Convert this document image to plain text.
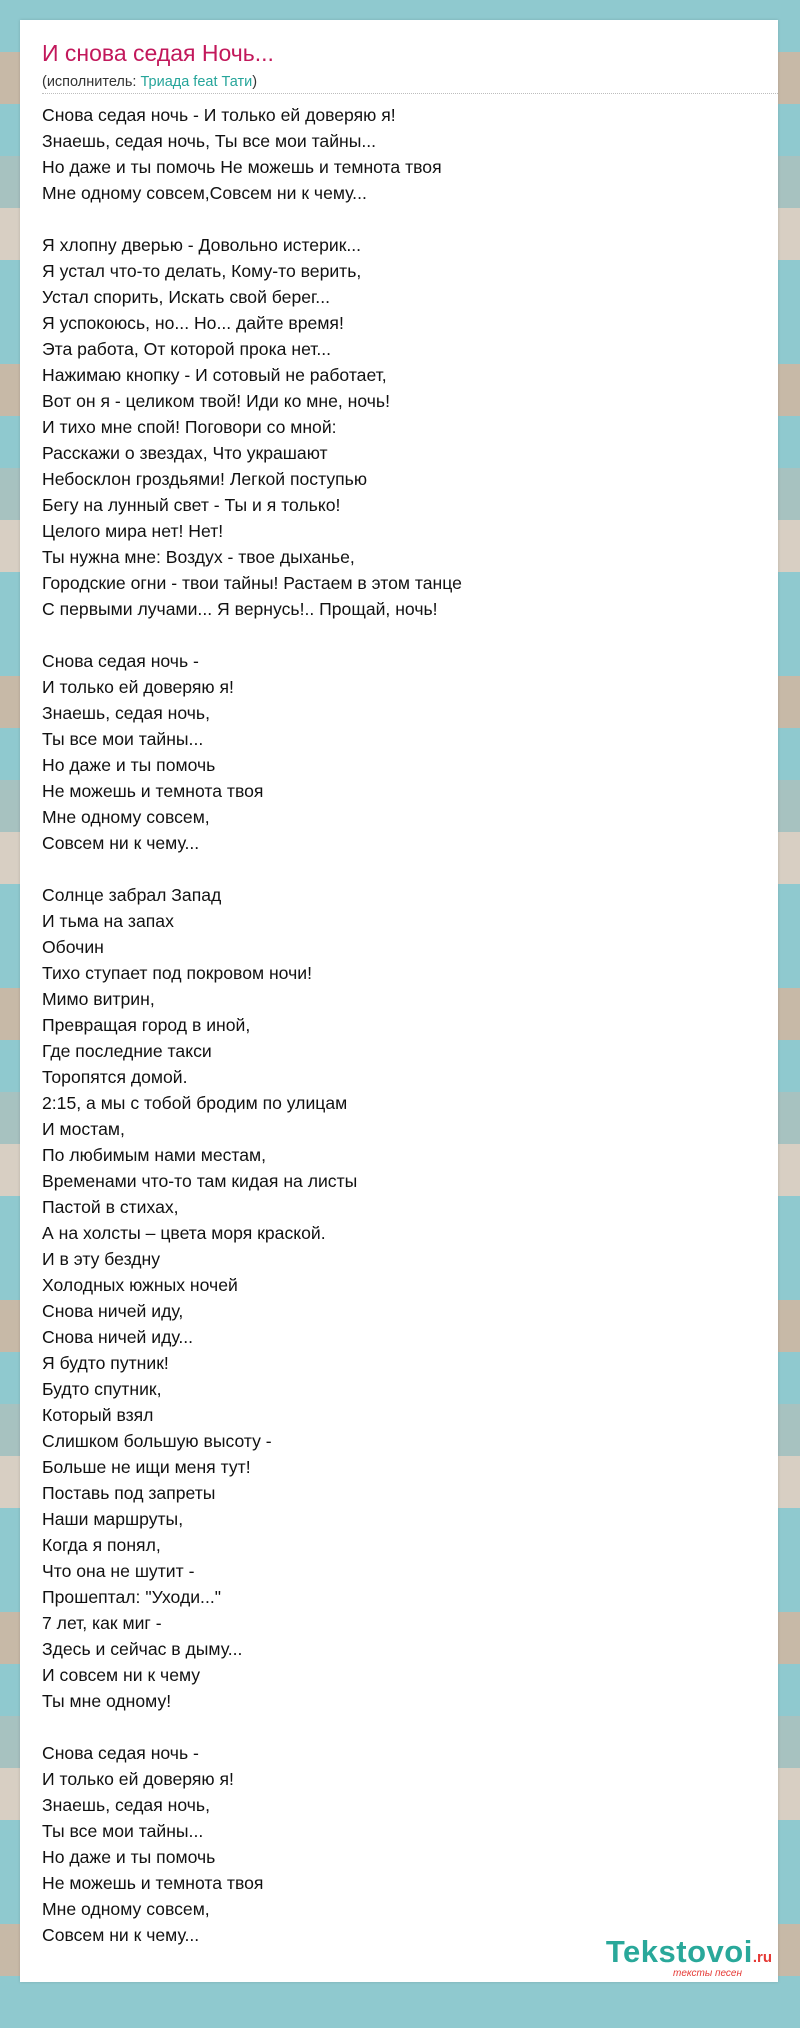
И снова седая Ночь...
(исполнитель: Триада feat Тати)
Снова седая ночь - И только ей доверяю я!
Знаешь, седая ночь, Ты все мои тайны...
Но даже и ты помочь Не можешь и темнота твоя
Мне одному совсем,Совсем ни к чему...
Я хлопну дверью - Довольно истерик...
Я устал что-то делать, Кому-то верить,
Устал спорить, Искать свой берег...
Я успокоюсь, но... Но... дайте время!
Эта работа, От которой прока нет...
Нажимаю кнопку - И сотовый не работает,
Вот он я - целиком твой! Иди ко мне, ночь!
И тихо мне спой! Поговори со мной:
Расскажи о звездах, Что украшают
Небосклон гроздьями! Легкой поступью
Бегу на лунный свет - Ты и я только!
Целого мира нет! Нет!
Ты нужна мне: Воздух - твое дыханье,
Городские огни - твои тайны! Растаем в этом танце
С первыми лучами... Я вернусь!.. Прощай, ночь!
Снова седая ночь -
И только ей доверяю я!
Знаешь, седая ночь,
Ты все мои тайны...
Но даже и ты помочь
Не можешь и темнота твоя
Мне одному совсем,
Совсем ни к чему...
Солнце забрал Запад
И тьма на запах
Обочин
Тихо ступает под покровом ночи!
Мимо витрин,
Превращая город в иной,
Где последние такси
Торопятся домой.
2:15, а мы с тобой бродим по улицам
И мостам,
По любимым нами местам,
Временами что-то там кидая на листы
Пастой в стихах,
А на холсты – цвета моря краской.
И в эту бездну
Холодных южных ночей
Снова ничей иду,
Снова ничей иду...
Я будто путник!
Будто спутник,
Который взял
Слишком большую высоту -
Больше не ищи меня тут!
Поставь под запреты
Наши маршруты,
Когда я понял,
Что она не шутит -
Прошептал: "Уходи..."
7 лет, как миг -
Здесь и сейчас в дыму...
И совсем ни к чему
Ты мне одному!
Снова седая ночь -
И только ей доверяю я!
Знаешь, седая ночь,
Ты все мои тайны...
Но даже и ты помочь
Не можешь и темнота твоя
Мне одному совсем,
Совсем ни к чему...	Tekstovoi.ru
тексты песен
